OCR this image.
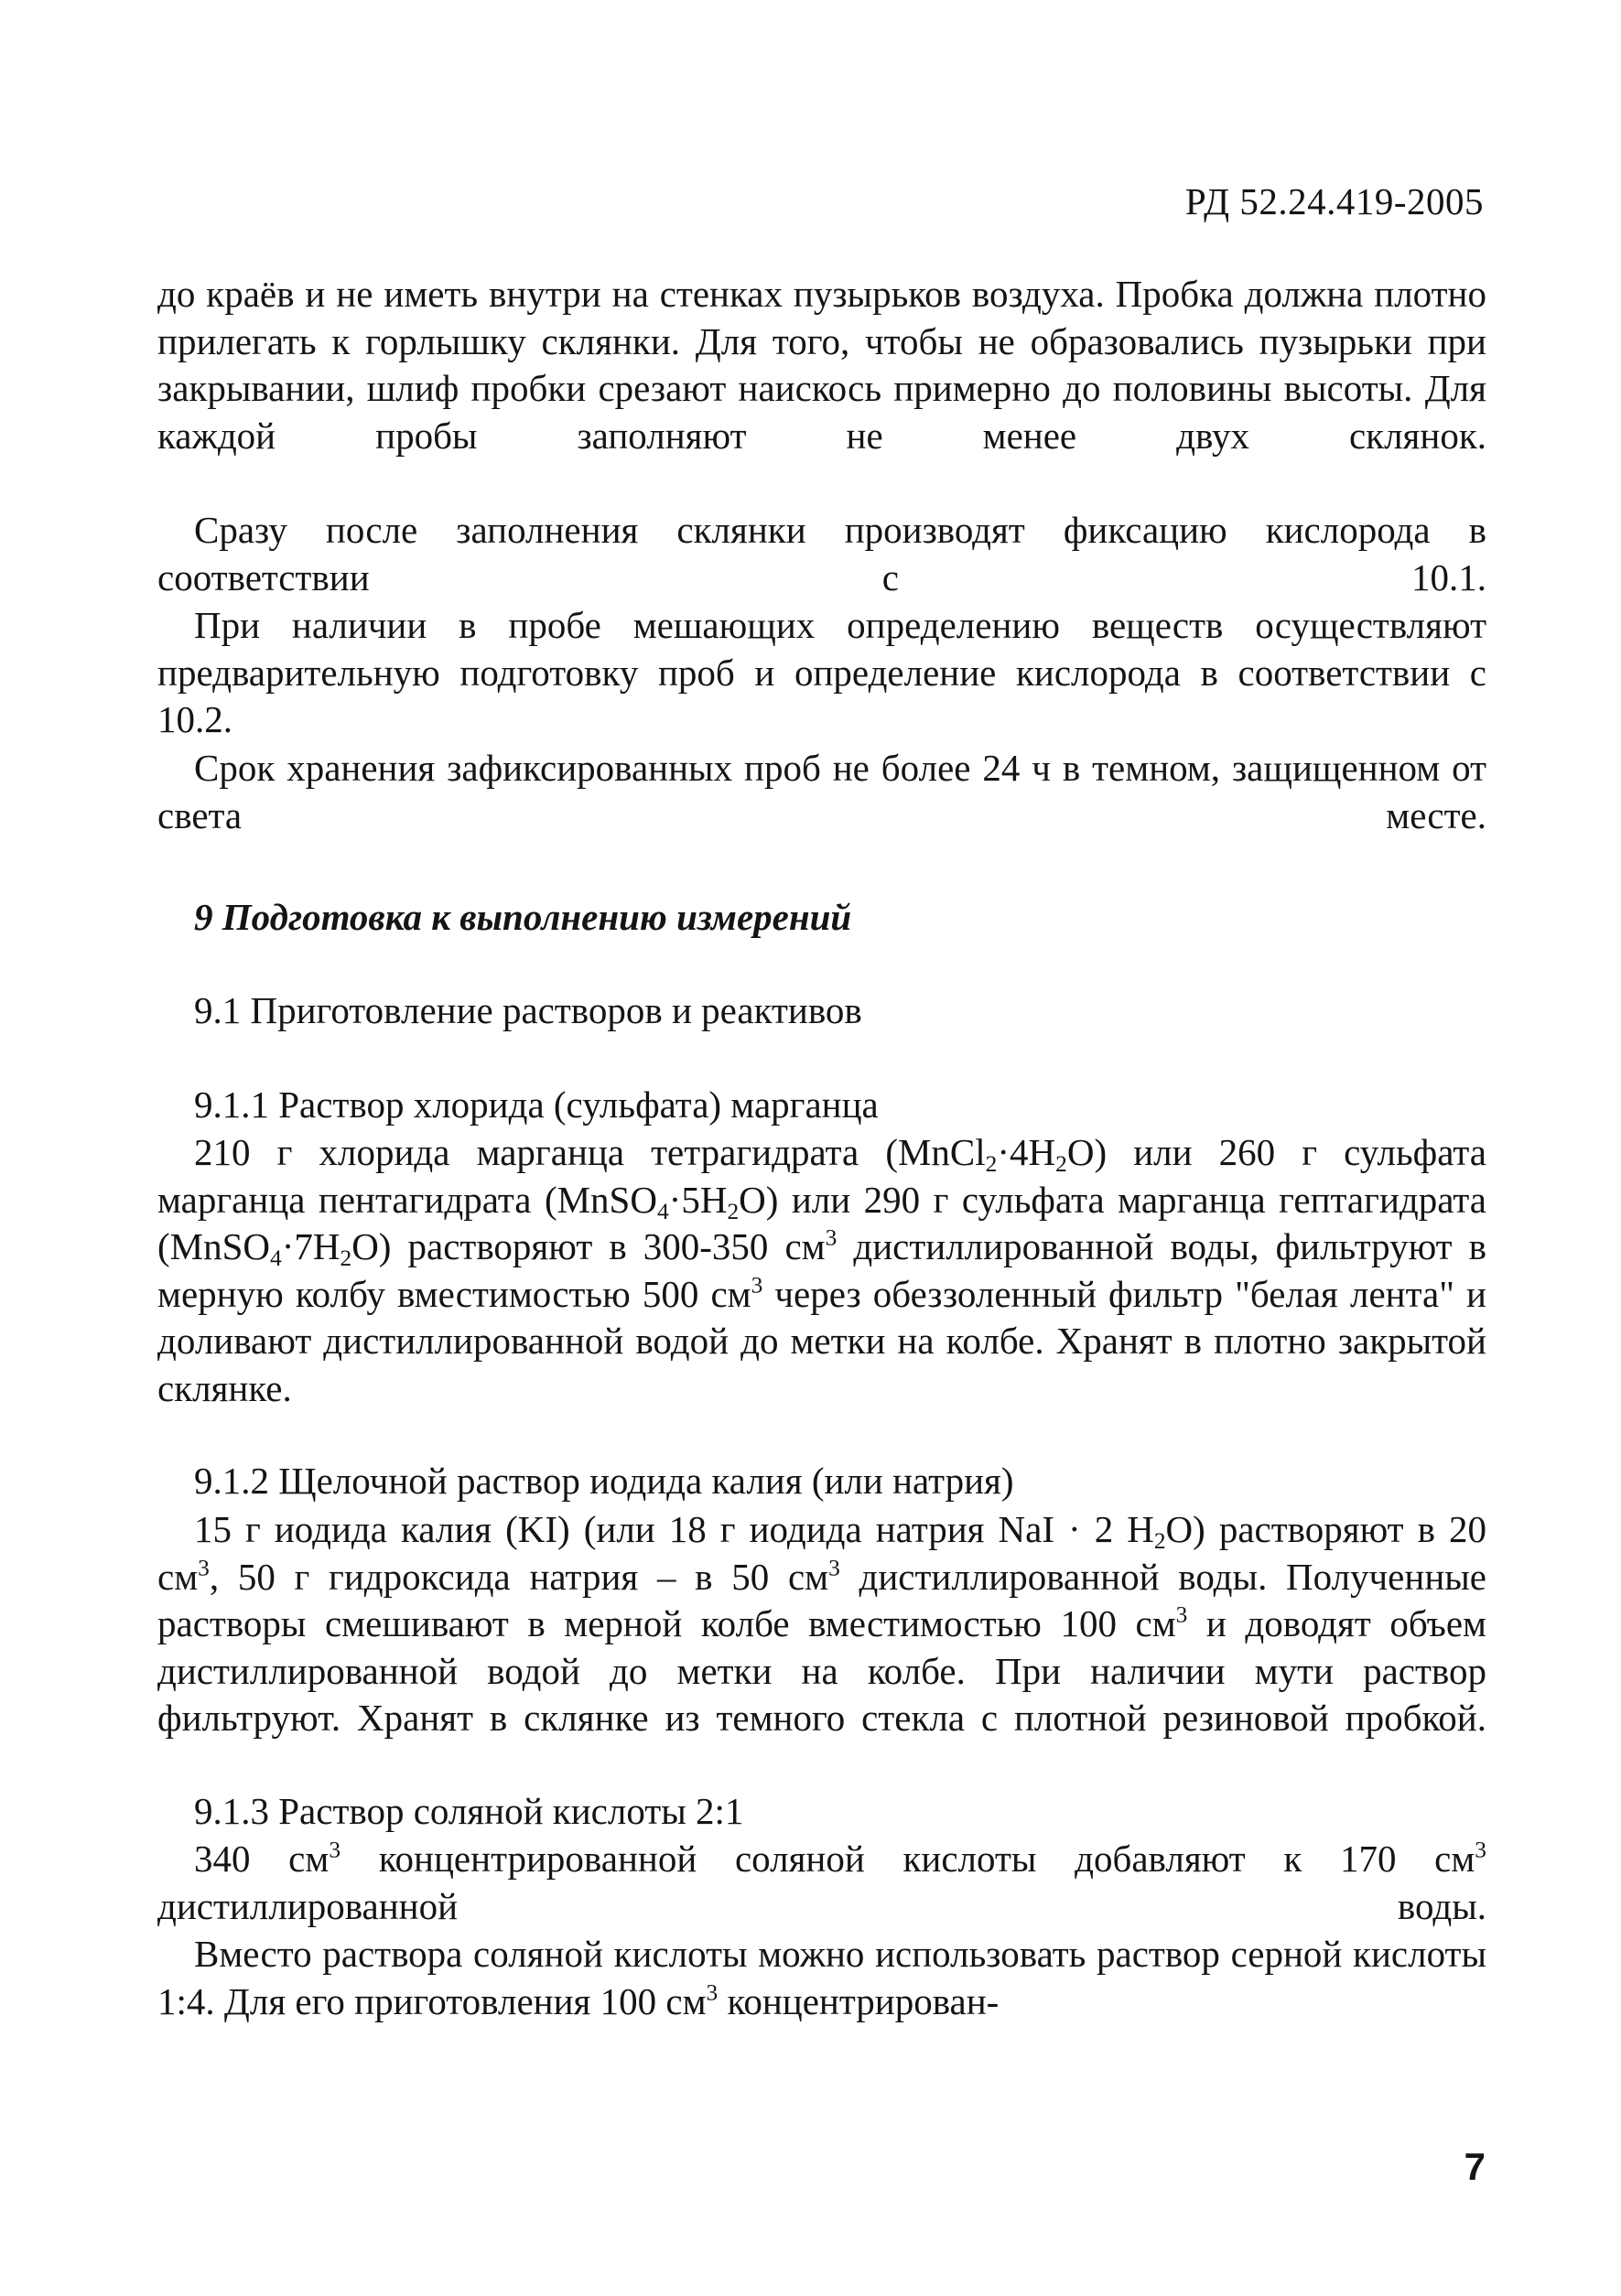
РД 52.24.419-2005
до краёв и не иметь внутри на стенках пузырьков воздуха. Пробка должна плотно прилегать к горлышку склянки. Для того, чтобы не образовались пузырьки при закрывании, шлиф пробки срезают наискось примерно до половины высоты. Для каждой пробы заполняют не менее двух склянок.
Сразу после заполнения склянки производят фиксацию кислорода в соответствии с 10.1.
При наличии в пробе мешающих определению веществ осуществляют предварительную подготовку проб и определение кислорода в соответствии с 10.2.
Срок хранения зафиксированных проб не более 24 ч в темном, защищенном от света месте.
9 Подготовка к выполнению измерений
9.1 Приготовление растворов и реактивов
9.1.1 Раствор хлорида (сульфата) марганца
210 г хлорида марганца тетрагидрата $(MnCl_2\cdot 4H_2O)$ или 260 г сульфата марганца пентагидрата $(MnSO_4\cdot 5H_2O)$ или 290 г сульфата марганца гептагидрата $(MnSO_4\cdot 7H_2O)$ растворяют в 300-350 $см^3$ дистиллированной воды, фильтруют в мерную колбу вместимостью 500 $см^3$ через обеззоленный фильтр "белая лента" и доливают дистиллированной водой до метки на колбе. Хранят в плотно закрытой склянке.
9.1.2 Щелочной раствор иодида калия (или натрия)
15 г иодида калия (KI) (или 18 г иодида натрия NaI · 2 $H_2O$) растворяют в 20 $см^3$, 50 г гидроксида натрия – в 50 $см^3$ дистиллированной воды. Полученные растворы смешивают в мерной колбе вместимостью 100 $см^3$ и доводят объем дистиллированной водой до метки на колбе. При наличии мути раствор фильтруют. Хранят в склянке из темного стекла с плотной резиновой пробкой.
9.1.3 Раствор соляной кислоты 2:1
340 $см^3$ концентрированной соляной кислоты добавляют к 170 $см^3$ дистиллированной воды.
Вместо раствора соляной кислоты можно использовать раствор серной кислоты 1:4. Для его приготовления 100 $см^3$ концентрирован-
7
